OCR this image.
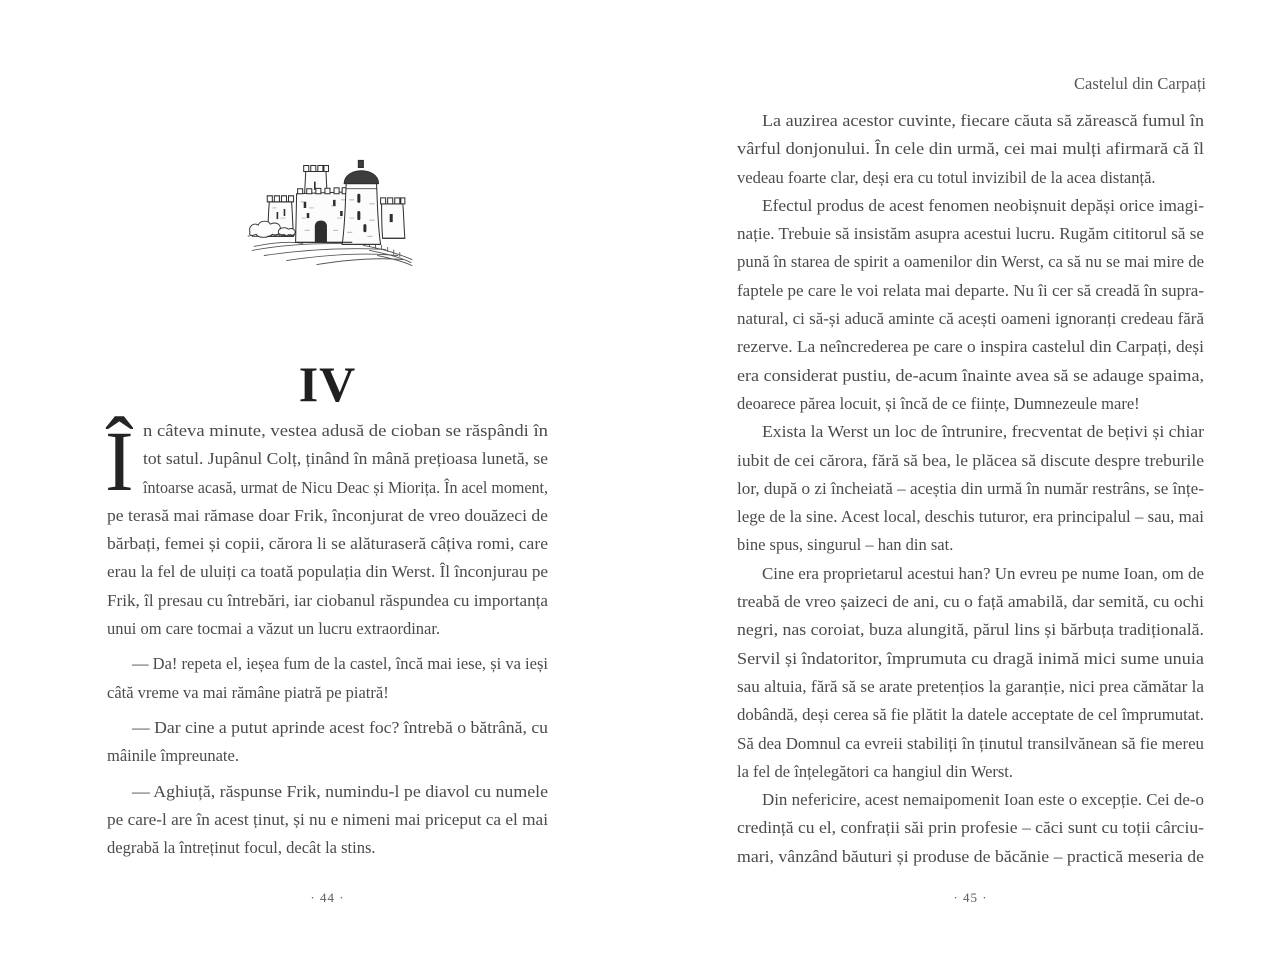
IV
Î n câteva minute, vestea adusă de cioban se răspândi în
tot satul. Jupânul Colț, ținând în mână prețioasa lunetă, se
întoarse acasă, urmat de Nicu Deac și Miorița. În acel moment,
pe terasă mai rămase doar Frik, înconjurat de vreo douăzeci de
bărbați, femei și copii, cărora li se alăturaseră câțiva romi, care
erau la fel de uluiți ca toată populația din Werst. Îl înconjurau pe
Frik, îl presau cu întrebări, iar ciobanul răspundea cu importanța
unui om care tocmai a văzut un lucru extraordinar.
— Da! repeta el, ieșea fum de la castel, încă mai iese, și va ieși
câtă vreme va mai rămâne piatră pe piatră!
— Dar cine a putut aprinde acest foc? întrebă o bătrână, cu
mâinile împreunate.
— Aghiuță, răspunse Frik, numindu-l pe diavol cu numele
pe care-l are în acest ținut, și nu e nimeni mai priceput ca el mai
degrabă la întreținut focul, decât la stins.
· 44 ·
Castelul din Carpați
La auzirea acestor cuvinte, fiecare căuta să zărească fumul în
vârful donjonului. În cele din urmă, cei mai mulți afirmară că îl
vedeau foarte clar, deși era cu totul invizibil de la acea distanță.
Efectul produs de acest fenomen neobișnuit depăși orice imagi-
nație. Trebuie să insistăm asupra acestui lucru. Rugăm cititorul să se
pună în starea de spirit a oamenilor din Werst, ca să nu se mai mire de
faptele pe care le voi relata mai departe. Nu îi cer să creadă în supra-
natural, ci să-și aducă aminte că acești oameni ignoranți credeau fără
rezerve. La neîncrederea pe care o inspira castelul din Carpați, deși
era considerat pustiu, de-acum înainte avea să se adauge spaima,
deoarece părea locuit, și încă de ce ființe, Dumnezeule mare!
Exista la Werst un loc de întrunire, frecventat de bețivi și chiar
iubit de cei cărora, fără să bea, le plăcea să discute despre treburile
lor, după o zi încheiată – aceștia din urmă în număr restrâns, se înțe-
lege de la sine. Acest local, deschis tuturor, era principalul – sau, mai
bine spus, singurul – han din sat.
Cine era proprietarul acestui han? Un evreu pe nume Ioan, om de
treabă de vreo șaizeci de ani, cu o față amabilă, dar semită, cu ochi
negri, nas coroiat, buza alungită, părul lins și bărbuța tradițională.
Servil și îndatoritor, împrumuta cu dragă inimă mici sume unuia
sau altuia, fără să se arate pretențios la garanție, nici prea cămătar la
dobândă, deși cerea să fie plătit la datele acceptate de cel împrumutat.
Să dea Domnul ca evreii stabiliți în ținutul transilvănean să fie mereu
la fel de înțelegători ca hangiul din Werst.
Din nefericire, acest nemaipomenit Ioan este o excepție. Cei de-o
credință cu el, confrații săi prin profesie – căci sunt cu toții cârciu-
mari, vânzând băuturi și produse de băcănie – practică meseria de
· 45 ·
